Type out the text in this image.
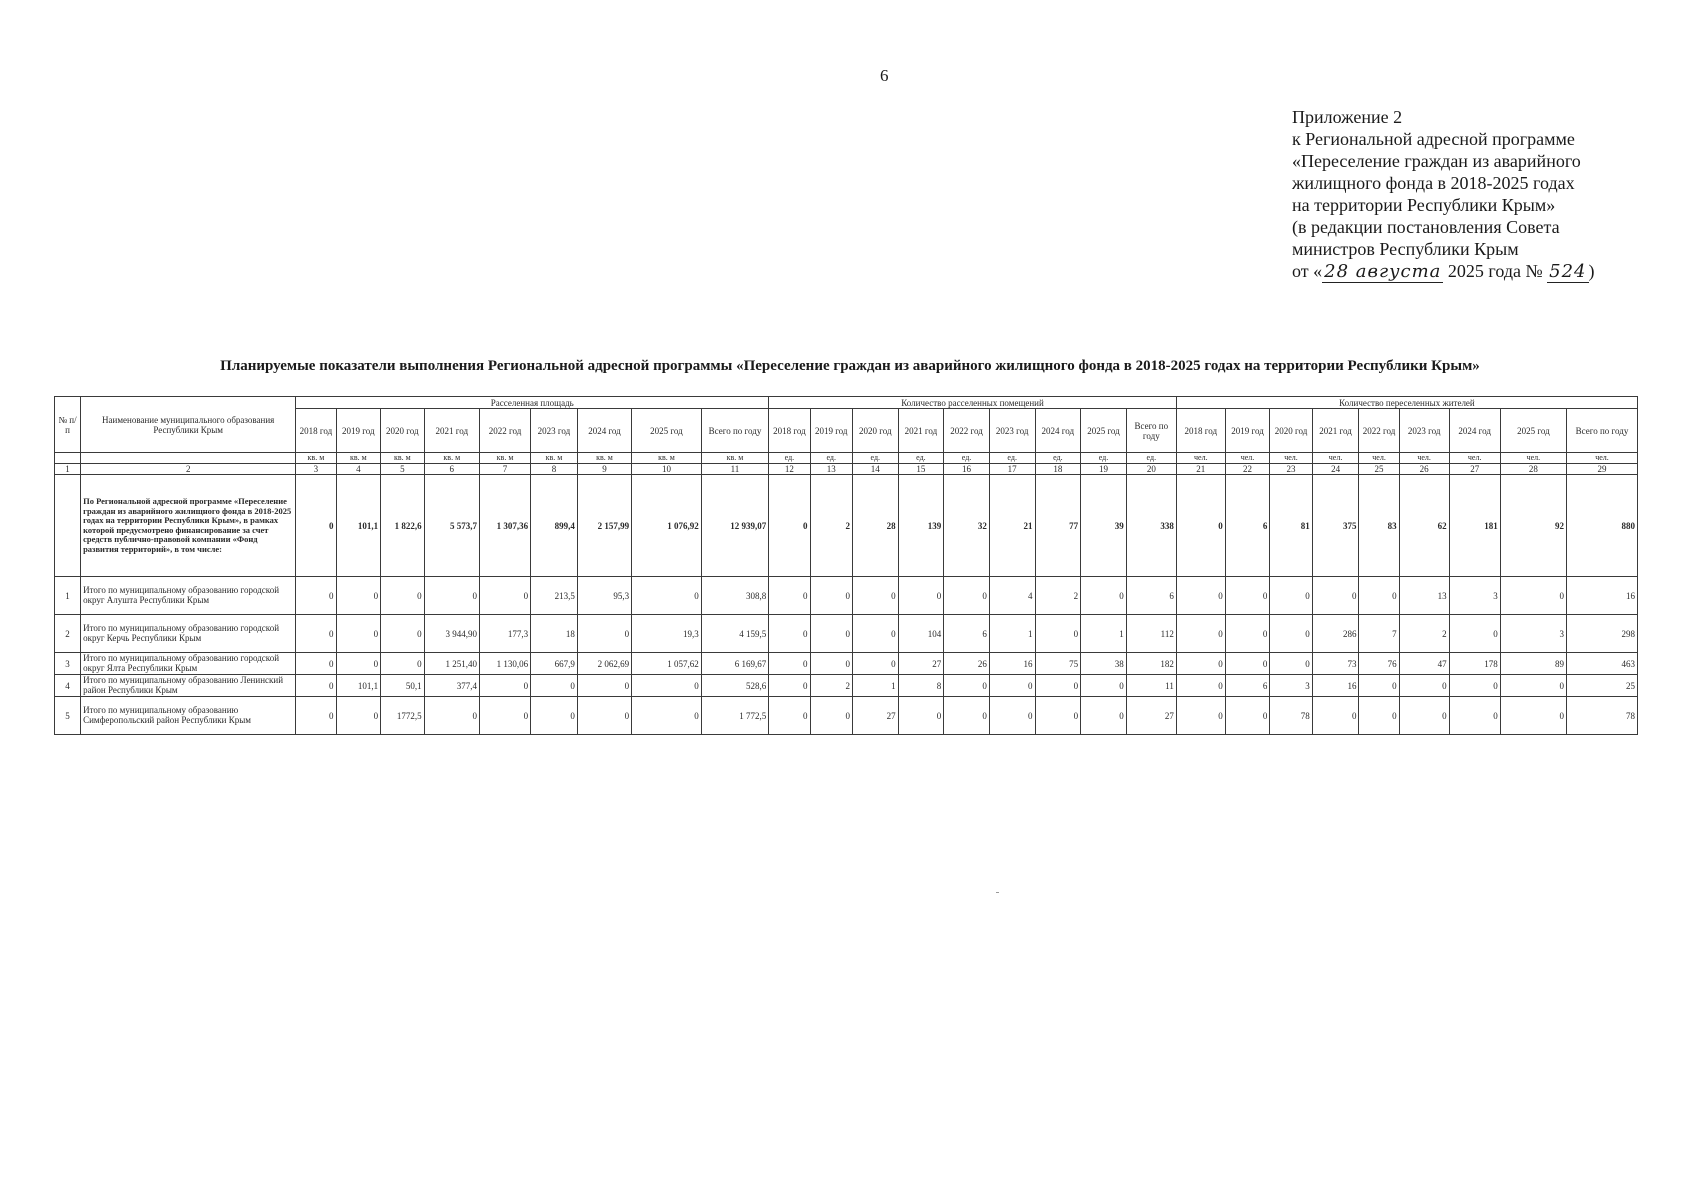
6
Приложение 2
к Региональной адресной программе
«Переселение граждан из аварийного
жилищного фонда в 2018-2025 годах
на территории Республики Крым»
(в редакции постановления Совета
министров Республики Крым
от « 28 августа 2025 года № 524 )
Планируемые показатели выполнения Региональной адресной программы «Переселение граждан из аварийного жилищного фонда в 2018-2025 годах на территории Республики Крым»
№ п/п	Наименование муниципального образования Республики Крым	Расселенная площадь									Количество расселенных помещений									Количество переселенных жителей								
		2018 год	2019 год	2020 год	2021 год	2022 год	2023 год	2024 год	2025 год	Всего по году	2018 год	2019 год	2020 год	2021 год	2022 год	2023 год	2024 год	2025 год	Всего по году	2018 год	2019 год	2020 год	2021 год	2022 год	2023 год	2024 год	2025 год	Всего по году
		кв. м	кв. м	кв. м	кв. м	кв. м	кв. м	кв. м	кв. м	кв. м	ед.	ед.	ед.	ед.	ед.	ед.	ед.	ед.	ед.	чел.	чел.	чел.	чел.	чел.	чел.	чел.	чел.	чел.
1	2	3	4	5	6	7	8	9	10	11	12	13	14	15	16	17	18	19	20	21	22	23	24	25	26	27	28	29
	По Региональной адресной программе «Переселение граждан из аварийного жилищного фонда в 2018-2025 годах на территории Республики Крым», в рамках которой предусмотрено финансирование за счет средств публично-правовой компании «Фонд развития территорий», в том числе:	0	101,1	1 822,6	5 573,7	1 307,36	899,4	2 157,99	1 076,92	12 939,07	0	2	28	139	32	21	77	39	338	0	6	81	375	83	62	181	92	880
1	Итого по муниципальному образованию городской округ Алушта Республики Крым	0	0	0	0	0	213,5	95,3	0	308,8	0	0	0	0	0	4	2	0	6	0	0	0	0	0	13	3	0	16
2	Итого по муниципальному образованию городской округ Керчь Республики Крым	0	0	0	3 944,90	177,3	18	0	19,3	4 159,5	0	0	0	104	6	1	0	1	112	0	0	0	286	7	2	0	3	298
3	Итого по муниципальному образованию городской округ Ялта Республики Крым	0	0	0	1 251,40	1 130,06	667,9	2 062,69	1 057,62	6 169,67	0	0	0	27	26	16	75	38	182	0	0	0	73	76	47	178	89	463
4	Итого по муниципальному образованию Ленинский район Республики Крым	0	101,1	50,1	377,4	0	0	0	0	528,6	0	2	1	8	0	0	0	0	11	0	6	3	16	0	0	0	0	25
5	Итого по муниципальному образованию Симферопольский район Республики Крым	0	0	1772,5	0	0	0	0	0	1 772,5	0	0	27	0	0	0	0	0	27	0	0	78	0	0	0	0	0	78
